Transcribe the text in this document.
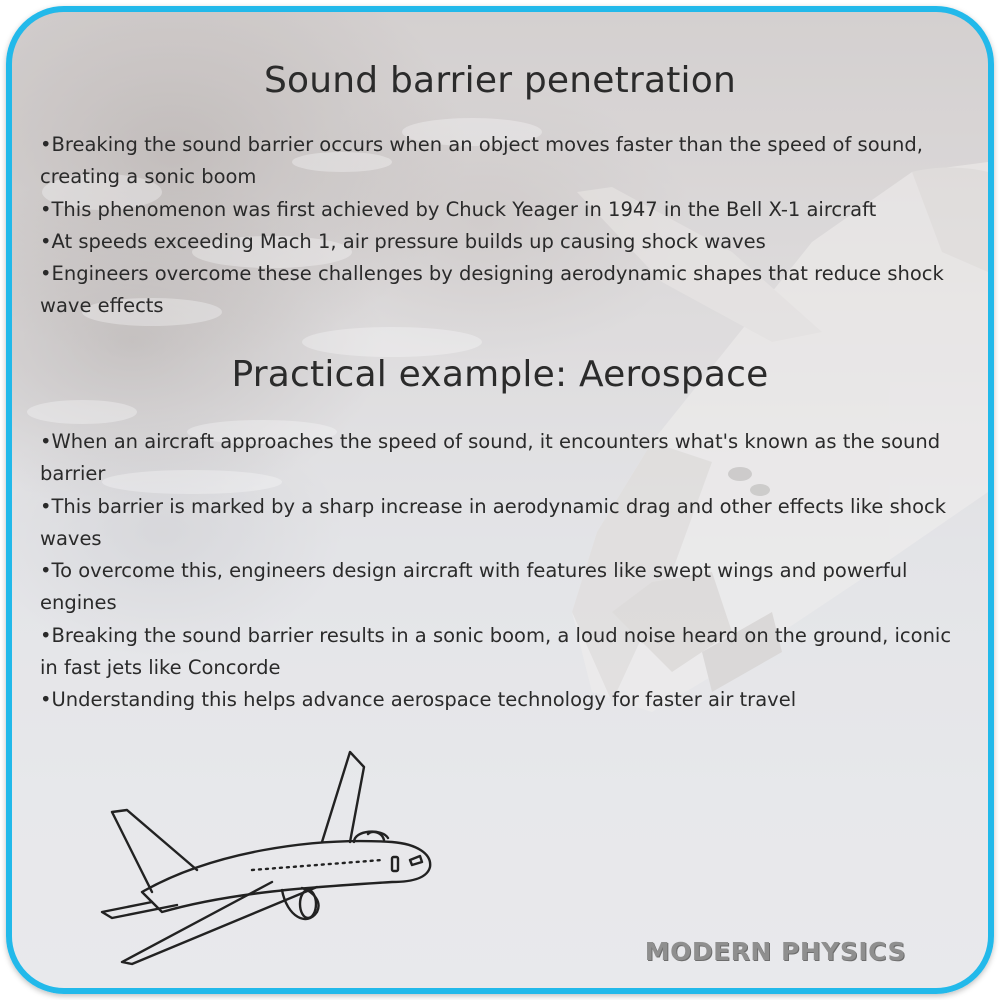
Sound barrier penetration
• Breaking the sound barrier occurs when an object moves faster than the speed of sound, creating a sonic boom
• This phenomenon was first achieved by Chuck Yeager in 1947 in the Bell X-1 aircraft
• At speeds exceeding Mach 1, air pressure builds up causing shock waves
• Engineers overcome these challenges by designing aerodynamic shapes that reduce shock wave effects
Practical example: Aerospace
• When an aircraft approaches the speed of sound, it encounters what's known as the sound barrier
• This barrier is marked by a sharp increase in aerodynamic drag and other effects like shock waves
• To overcome this, engineers design aircraft with features like swept wings and powerful engines
• Breaking the sound barrier results in a sonic boom, a loud noise heard on the ground, iconic in fast jets like Concorde
• Understanding this helps advance aerospace technology for faster air travel
MODERN PHYSICS
